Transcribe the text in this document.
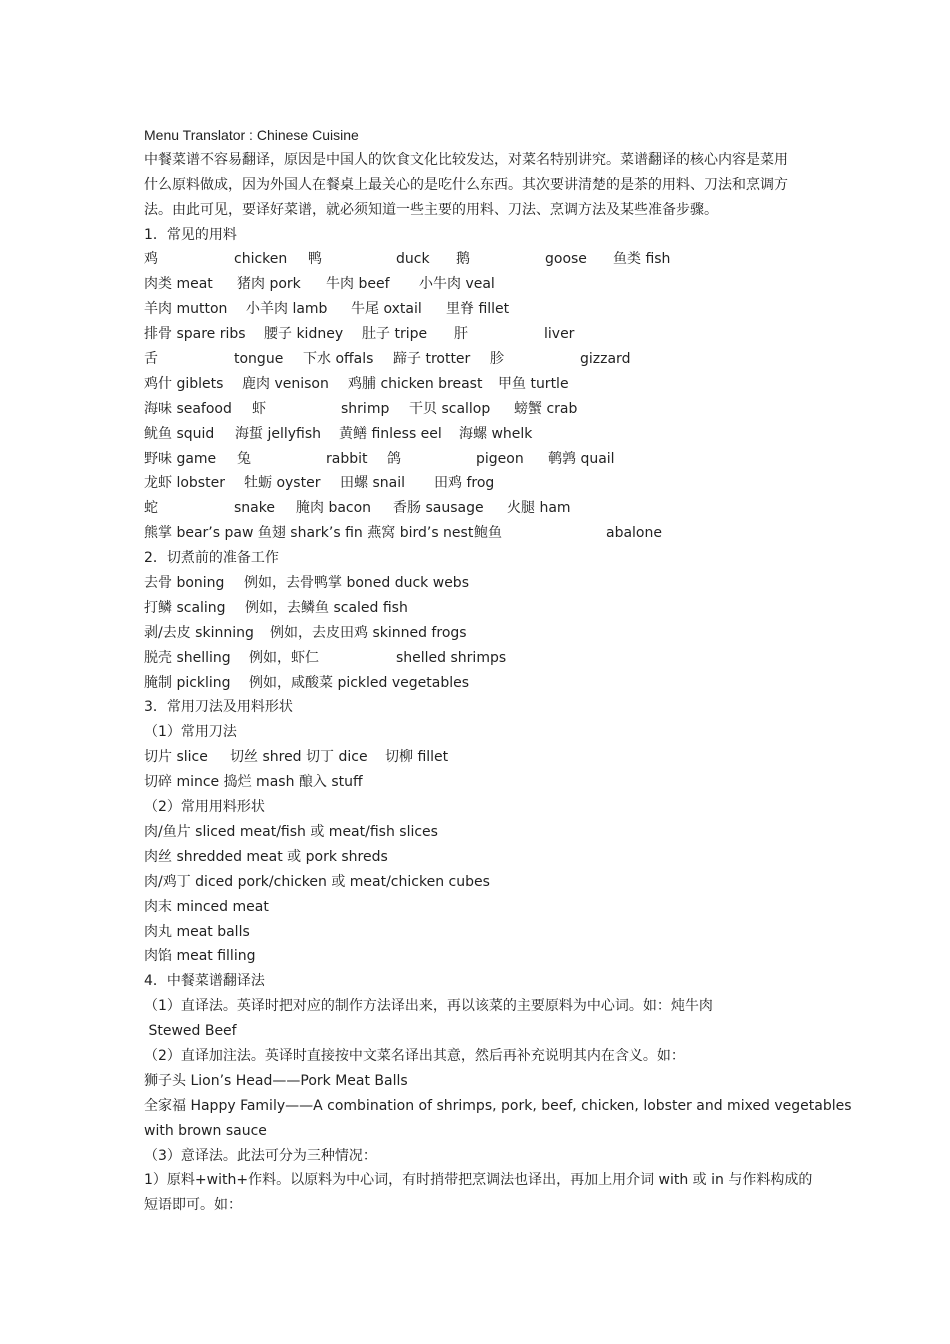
Menu Translator : Chinese Cuisine
中餐菜谱不容易翻译，原因是中国人的饮食文化比较发达，对菜名特别讲究。菜谱翻译的核心内容是菜用
什么原料做成，因为外国人在餐桌上最关心的是吃什么东西。其次要讲清楚的是茶的用料、刀法和烹调方
法。由此可见，要译好菜谱，就必须知道一些主要的用料、刀法、烹调方法及某些准备步骤。
1．常见的用料
鸡	chicken 鸭	duck 鹅	goose 鱼类 fish
肉类 meat 猪肉 pork 牛肉 beef 小牛肉 veal
羊肉 mutton 小羊肉 lamb 牛尾 oxtail 里脊 fillet
排骨 spare ribs 腰子 kidney 肚子 tripe 肝	liver
舌	tongue 下水 offals 蹄子 trotter 胗	gizzard
鸡什 giblets 鹿肉 venison 鸡脯 chicken breast 甲鱼 turtle
海味 seafood 虾	shrimp 干贝 scallop 螃蟹 crab
鱿鱼 squid 海蜇 jellyfish 黄鳝 finless eel 海螺 whelk
野味 game 兔	rabbit 鸽	pigeon 鹌鹑 quail
龙虾 lobster 牡蛎 oyster 田螺 snail 田鸡 frog
蛇	snake 腌肉 bacon 香肠 sausage 火腿 ham
熊掌 bear’s paw 鱼翅 shark’s fin 燕窝 bird’s nest 鲍鱼	abalone
2．切煮前的准备工作
去骨 boning 例如，去骨鸭掌 boned duck webs
打鳞 scaling 例如，去鳞鱼 scaled fish
剥/去皮 skinning 例如，去皮田鸡 skinned frogs
脱壳 shelling 例如，虾仁	shelled shrimps
腌制 pickling 例如，咸酸菜 pickled vegetables
3．常用刀法及用料形状
（1）常用刀法
切片 slice 切丝 shred 切丁 dice 切柳 fillet
切碎 mince 捣烂 mash 酿入 stuff
（2）常用用料形状
肉/鱼片 sliced meat/fish 或 meat/fish slices
肉丝 shredded meat 或 pork shreds
肉/鸡丁 diced pork/chicken 或 meat/chicken cubes
肉末 minced meat
肉丸 meat balls
肉馅 meat filling
4．中餐菜谱翻译法
（1）直译法。英译时把对应的制作方法译出来，再以该菜的主要原料为中心词。如：炖牛肉
Stewed Beef
（2）直译加注法。英译时直接按中文菜名译出其意，然后再补充说明其内在含义。如：
狮子头 Lion’s Head——Pork Meat Balls
全家福 Happy Family——A combination of shrimps, pork, beef, chicken, lobster and mixed vegetables
with brown sauce
（3）意译法。此法可分为三种情况：
1）原料+with+作料。以原料为中心词，有时捎带把烹调法也译出，再加上用介词 with 或 in 与作料构成的
短语即可。如：
